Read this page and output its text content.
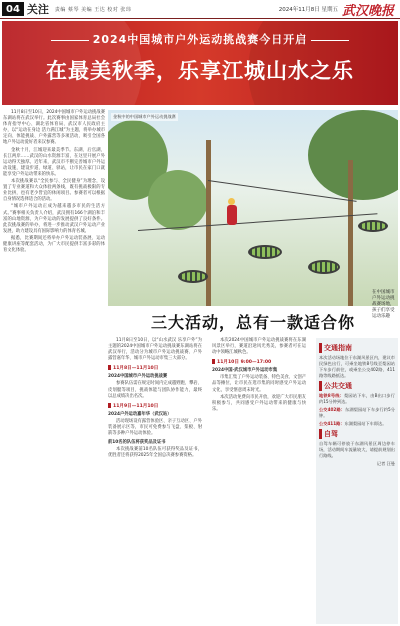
04 关注 责编 蔡琴 美编 王达 校对 张玮	2024年11月8日 星期五 武汉晚报
2024中国城市户外运动挑战赛今日开启
在最美秋季，乐享江城山水之乐

11月8日至10日，2024中国城市户外运动挑战赛东湖站将在武汉举行。此次赛事由国家体育总局社会体育指导中心、湖北省体育局、武汉市人民政府主办，以“运动在身边 活力满江城”为主题，将举办城市定向、体能挑战、户外露营等多项活动，吸引全国各地户外运动爱好者来汉参赛。

金秋十月，江城迎来最美季节。东湖、后官湖、长江两岸……武汉的山水资源丰富，在这里开展户外运动得天独厚。近年来，武汉市不断完善城市户外运动设施，建设步道、绿道、驿站，让市民在家门口就能享受户外运动带来的快乐。

本次挑战赛以“全民参与、全民健身”为理念，设置了专业赛道和大众体验两条线，既有挑战极限的专业比拼，也有老少皆宜的休闲项目。参赛者可以根据自身情况选择适合的活动。

“城市户外运动正成为越来越多市民的生活方式。”赛事相关负责人介绍，武汉拥有166个湖泊和丰富的山地资源，为户外运动的发展提供了良好条件。此次挑战赛的举办，将进一步推动武汉户外运动产业发展，助力建设具有国际影响力的体育名城。

据悉，比赛期间还将举办户外运动装备展、运动健康讲座等配套活动，为广大市民提供丰富多彩的体育文化体验。

金秋中的中国城市户外运动挑战赛
在中国城市户外运动挑战赛场地，孩子们享受运动乐趣
三大活动，总有一款适合你

11月8日至10日，以“山水武汉 乐享户外”为主题的2024中国城市户外运动挑战赛东湖站将在武汉举行，活动分为城市户外运动挑战赛、户外露营嘉年华、城市户外运动市集三大部分。

11月8日—11月10日

2024中国城市户外运动挑战赛

参赛队伍需在规定时间内完成越野跑、攀岩、皮划艇等项目，挑战体能与团队协作能力，最终以总成绩决出名次。

11月9日—11月10日

2024户外运动嘉年华（武汉站）

活动现场设有露营体验区、亲子互动区、户外装备展示区等，市民可免费参与飞盘、桨板、射箭等多种户外运动体验。

前10名的队伍将获奖品及证书

本次挑战赛前10名队伍可获得奖品及证书，优胜者还将获得2025年全国总决赛参赛资格。

本次2024中国城市户外运动挑战赛将在东湖风景区举行，赛道沿途风光秀美，参赛者可在运动中领略江城秋色。

11月10日 9:00—17:00

2024中国·武汉城市户外运动市集

市集汇集了户外运动装备、特色美食、文创产品等摊位，让市民在逛市集的同时感受户外运动文化，享受惬意周末时光。

本次活动免费向市民开放，欢迎广大市民朋友积极参与，共同感受户外运动带来的健康与快乐。

交通指南

本次活动场地位于东湖风景区内，建议市民绿色出行，可乘坐地铁8号线至梨园站下车步行前往，或乘坐公交402路、411路等线路抵达。

公共交通

地铁8号线：梨园站下车，由B出口步行约15分钟到达。

公交402路：东湖梨园站下车步行约5分钟。

公交411路：东湖梨园站下车即达。

自驾

自驾车辆可停放于东湖风景区周边停车场，活动期间车流量较大，请提前规划出行路线。

记者 汪曼
